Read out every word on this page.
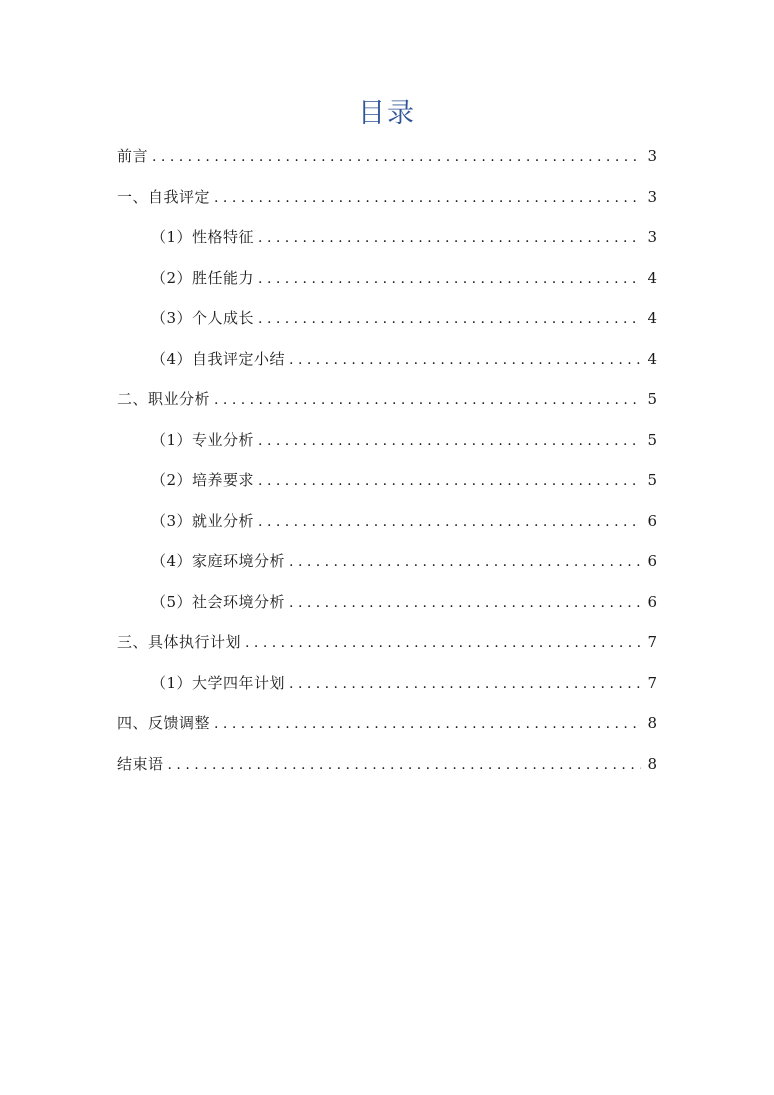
目录
前言 . . .	3
一、自我评定 . . .	3
（1）性格特征 . . .	3
（2）胜任能力 . . .	4
（3）个人成长 . . .	4
（4）自我评定小结 . . .	4
二、职业分析 . . .	5
（1）专业分析 . . .	5
（2）培养要求 . . .	5
（3）就业分析 . . .	6
（4）家庭环境分析 . . .	6
（5）社会环境分析 . . .	6
三、具体执行计划 . . .	7
（1）大学四年计划 . . .	7
四、反馈调整 . . .	8
结束语 . . .	8
